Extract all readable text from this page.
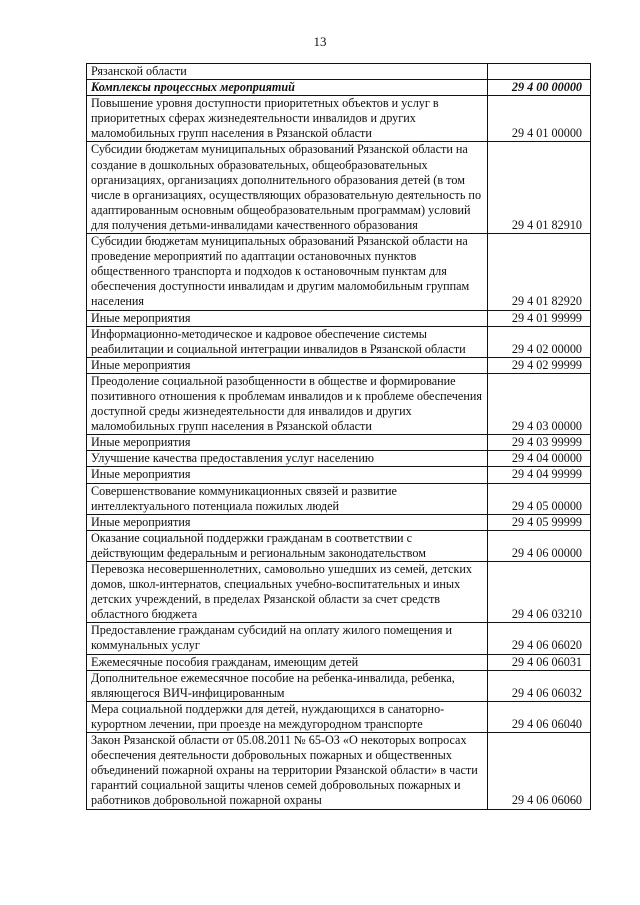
13
Рязанской области	
Комплексы процессных мероприятий	29 4 00 00000
Повышение уровня доступности приоритетных объектов и услуг в приоритетных сферах жизнедеятельности инвалидов и других маломобильных групп населения в Рязанской области	29 4 01 00000
Субсидии бюджетам муниципальных образований Рязанской области на создание в дошкольных образовательных, общеобразовательных организациях, организациях дополнительного образования детей (в том числе в организациях, осуществляющих образовательную деятельность по адаптированным основным общеобразовательным программам) условий для получения детьми-инвалидами качественного образования	29 4 01 82910
Субсидии бюджетам муниципальных образований Рязанской области на проведение мероприятий по адаптации остановочных пунктов общественного транспорта и подходов к остановочным пунктам для обеспечения доступности инвалидам и другим маломобильным группам населения	29 4 01 82920
Иные мероприятия	29 4 01 99999
Информационно-методическое и кадровое обеспечение системы реабилитации и социальной интеграции инвалидов в Рязанской области	29 4 02 00000
Иные мероприятия	29 4 02 99999
Преодоление социальной разобщенности в обществе и формирование позитивного отношения к проблемам инвалидов и к проблеме обеспечения доступной среды жизнедеятельности для инвалидов и других маломобильных групп населения в Рязанской области	29 4 03 00000
Иные мероприятия	29 4 03 99999
Улучшение качества предоставления услуг населению	29 4 04 00000
Иные мероприятия	29 4 04 99999
Совершенствование коммуникационных связей и развитие интеллектуального потенциала пожилых людей	29 4 05 00000
Иные мероприятия	29 4 05 99999
Оказание социальной поддержки гражданам в соответствии с действующим федеральным и региональным законодательством	29 4 06 00000
Перевозка несовершеннолетних, самовольно ушедших из семей, детских домов, школ-интернатов, специальных учебно-воспитательных и иных детских учреждений, в пределах Рязанской области за счет средств областного бюджета	29 4 06 03210
Предоставление гражданам субсидий на оплату жилого помещения и коммунальных услуг	29 4 06 06020
Ежемесячные пособия гражданам, имеющим детей	29 4 06 06031
Дополнительное ежемесячное пособие на ребенка-инвалида, ребенка, являющегося ВИЧ-инфицированным	29 4 06 06032
Мера социальной поддержки для детей, нуждающихся в санаторно-курортном лечении, при проезде на междугородном транспорте	29 4 06 06040
Закон Рязанской области от 05.08.2011 № 65-ОЗ «О некоторых вопросах обеспечения деятельности добровольных пожарных и общественных объединений пожарной охраны на территории Рязанской области» в части гарантий социальной защиты членов семей добровольных пожарных и работников добровольной пожарной охраны	29 4 06 06060
